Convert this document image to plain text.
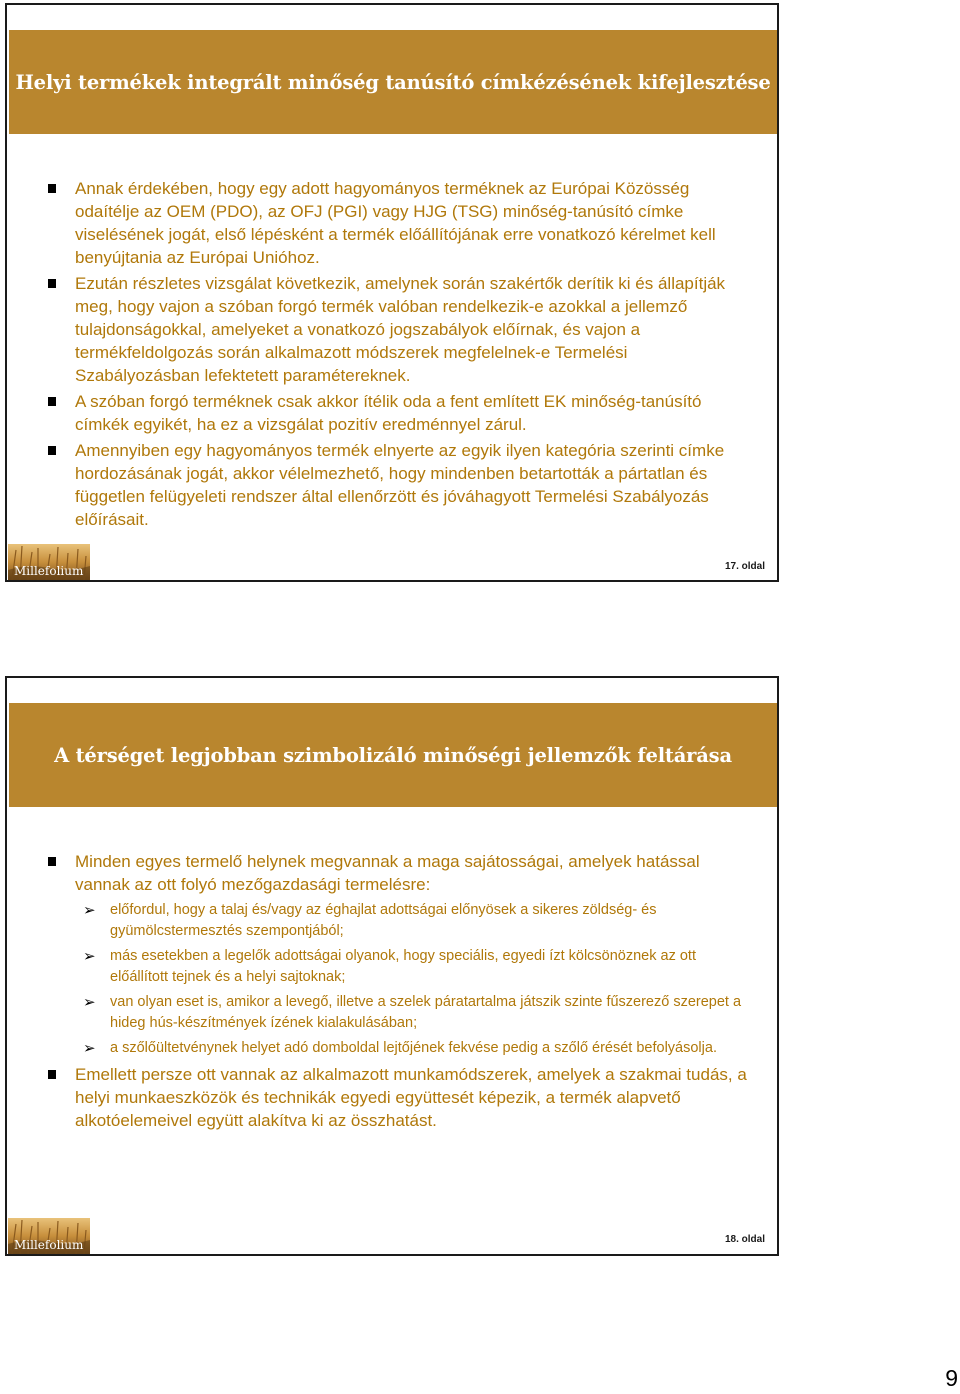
Helyi termékek integrált minőség tanúsító címkézésének kifejlesztése
Annak érdekében, hogy egy adott hagyományos terméknek az Európai Közösség odaítélje az OEM (PDO), az OFJ (PGI) vagy HJG (TSG) minőség-tanúsító címke viselésének jogát, első lépésként a termék előállítójának erre vonatkozó kérelmet kell benyújtania az Európai Unióhoz.
Ezután részletes vizsgálat következik, amelynek során szakértők derítik ki és állapítják meg, hogy vajon a szóban forgó termék valóban rendelkezik-e azokkal a jellemző tulajdonságokkal, amelyeket a vonatkozó jogszabályok előírnak, és vajon a termékfeldolgozás során alkalmazott módszerek megfelelnek-e Termelési Szabályozásban lefektetett paramétereknek.
A szóban forgó terméknek csak akkor ítélik oda a fent említett EK minőség-tanúsító címkék egyikét, ha ez a vizsgálat pozitív eredménnyel zárul.
Amennyiben egy hagyományos termék elnyerte az egyik ilyen kategória szerinti címke hordozásának jogát, akkor vélelmezhető, hogy mindenben betartották a pártatlan és független felügyeleti rendszer által ellenőrzött és jóváhagyott Termelési Szabályozás előírásait.
Millefolium	17. oldal
A térséget legjobban szimbolizáló minőségi jellemzők feltárása
Minden egyes termelő helynek megvannak a maga sajátosságai, amelyek hatással vannak az ott folyó mezőgazdasági termelésre:
➢ előfordul, hogy a talaj és/vagy az éghajlat adottságai előnyösek a sikeres zöldség- és gyümölcstermesztés szempontjából;
➢ más esetekben a legelők adottságai olyanok, hogy speciális, egyedi ízt kölcsönöznek az ott előállított tejnek és a helyi sajtoknak;
➢ van olyan eset is, amikor a levegő, illetve a szelek páratartalma játszik szinte fűszerező szerepet a hideg hús-készítmények ízének kialakulásában;
➢ a szőlőültetvénynek helyet adó domboldal lejtőjének fekvése pedig a szőlő érését befolyásolja.
Emellett persze ott vannak az alkalmazott munkamódszerek, amelyek a szakmai tudás, a helyi munkaeszközök és technikák egyedi együttesét képezik, a termék alapvető alkotóelemeivel együtt alakítva ki az összhatást.
Millefolium	18. oldal
9
